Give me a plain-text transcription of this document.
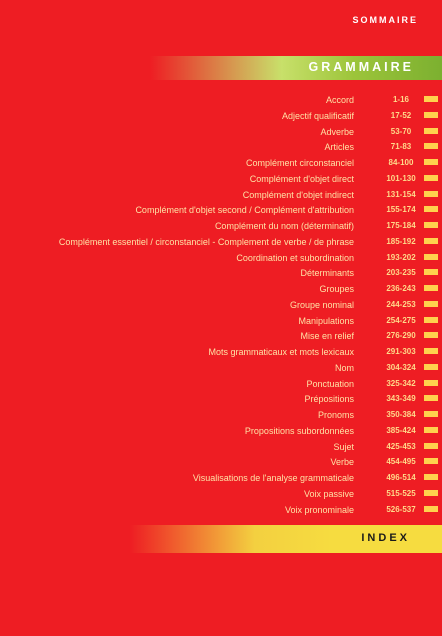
SOMMAIRE
GRAMMAIRE
Accord	1-16
Adjectif qualificatif	17-52
Adverbe	53-70
Articles	71-83
Complément circonstanciel	84-100
Complément d'objet direct	101-130
Complément d'objet indirect	131-154
Complément d'objet second / Complément d'attribution	155-174
Complément du nom (déterminatif)	175-184
Complément essentiel / circonstanciel - Complement de verbe / de phrase	185-192
Coordination et subordination	193-202
Déterminants	203-235
Groupes	236-243
Groupe nominal	244-253
Manipulations	254-275
Mise en relief	276-290
Mots grammaticaux et mots lexicaux	291-303
Nom	304-324
Ponctuation	325-342
Prépositions	343-349
Pronoms	350-384
Propositions subordonnées	385-424
Sujet	425-453
Verbe	454-495
Visualisations de l'analyse grammaticale	496-514
Voix passive	515-525
Voix pronominale	526-537
INDEX
